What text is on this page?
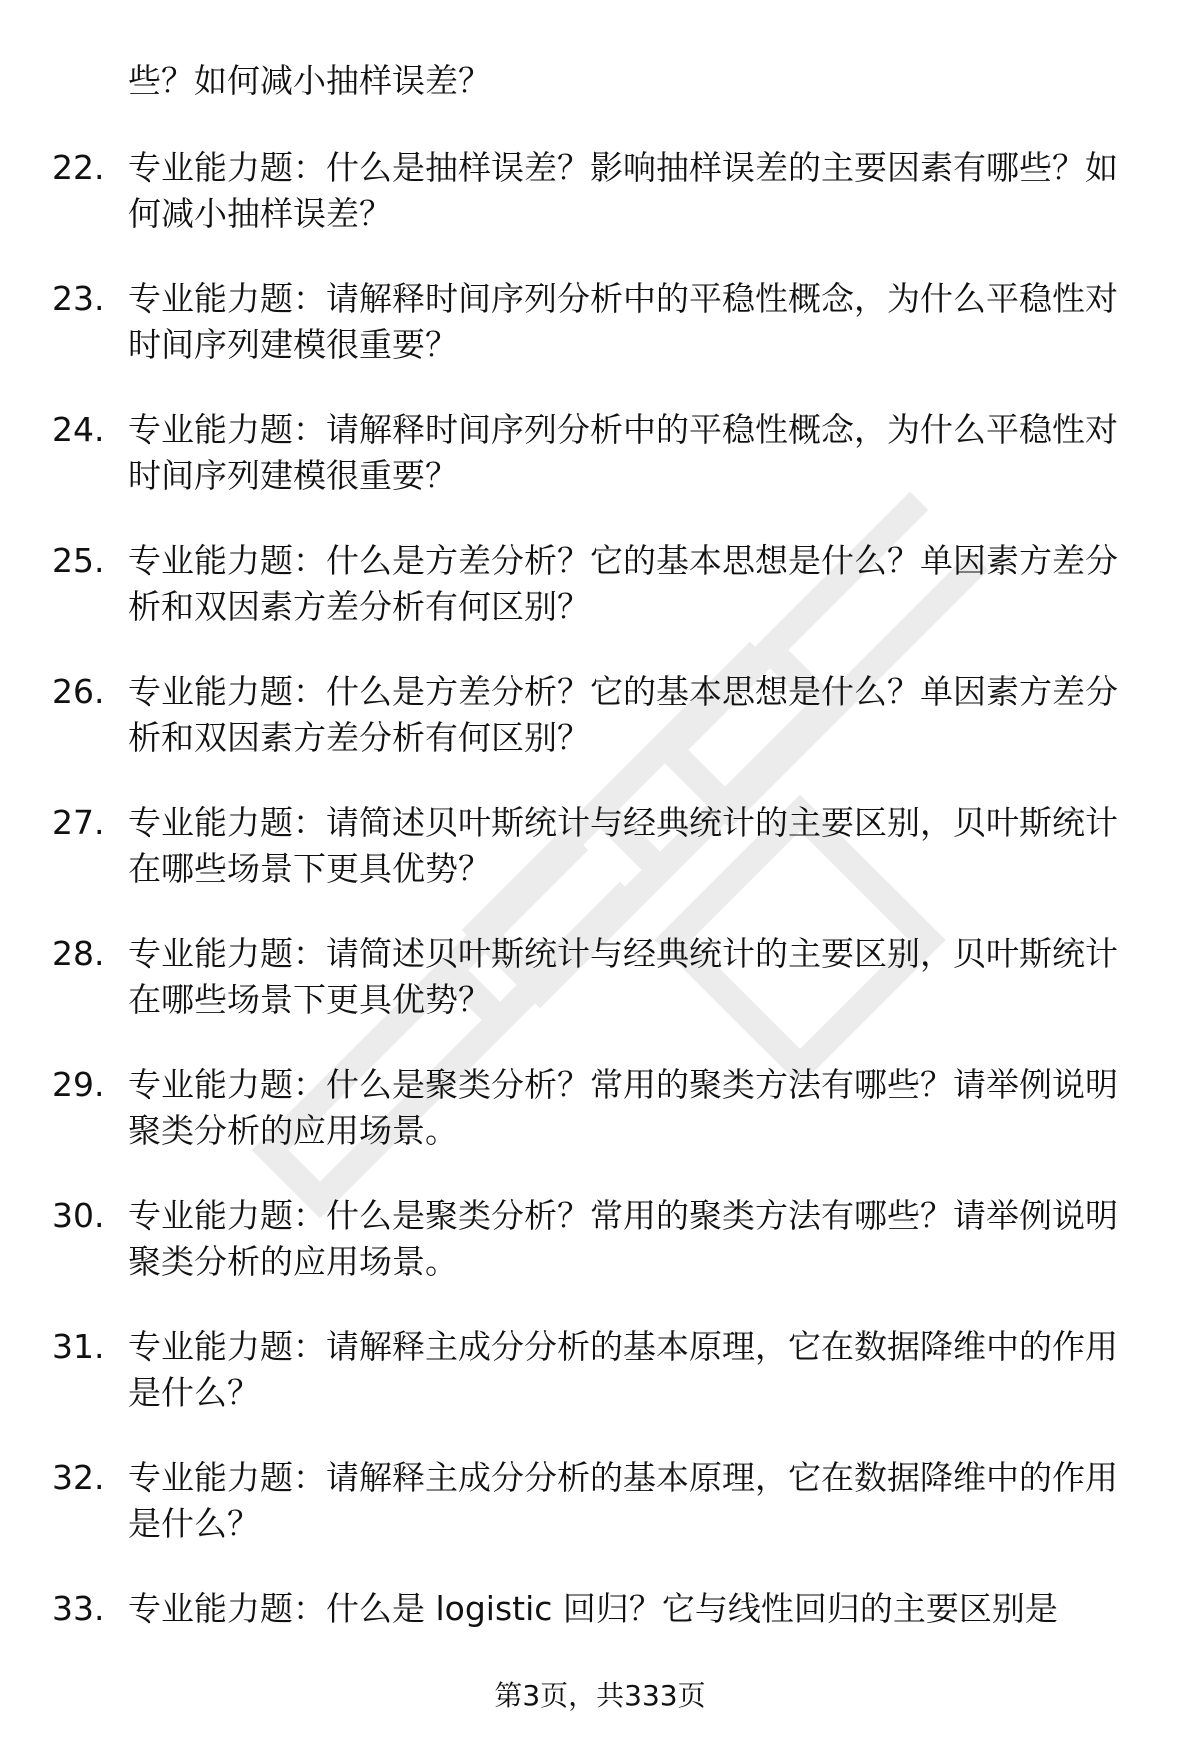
些？如何减小抽样误差？

22. 专业能力题：什么是抽样误差？影响抽样误差的主要因素有哪些？如何减小抽样误差？

23. 专业能力题：请解释时间序列分析中的平稳性概念，为什么平稳性对时间序列建模很重要？

24. 专业能力题：请解释时间序列分析中的平稳性概念，为什么平稳性对时间序列建模很重要？

25. 专业能力题：什么是方差分析？它的基本思想是什么？单因素方差分析和双因素方差分析有何区别？

26. 专业能力题：什么是方差分析？它的基本思想是什么？单因素方差分析和双因素方差分析有何区别？

27. 专业能力题：请简述贝叶斯统计与经典统计的主要区别，贝叶斯统计在哪些场景下更具优势？

28. 专业能力题：请简述贝叶斯统计与经典统计的主要区别，贝叶斯统计在哪些场景下更具优势？

29. 专业能力题：什么是聚类分析？常用的聚类方法有哪些？请举例说明聚类分析的应用场景。

30. 专业能力题：什么是聚类分析？常用的聚类方法有哪些？请举例说明聚类分析的应用场景。

31. 专业能力题：请解释主成分分析的基本原理，它在数据降维中的作用是什么？

32. 专业能力题：请解释主成分分析的基本原理，它在数据降维中的作用是什么？

33. 专业能力题：什么是 logistic 回归？它与线性回归的主要区别是

第3页，共333页
